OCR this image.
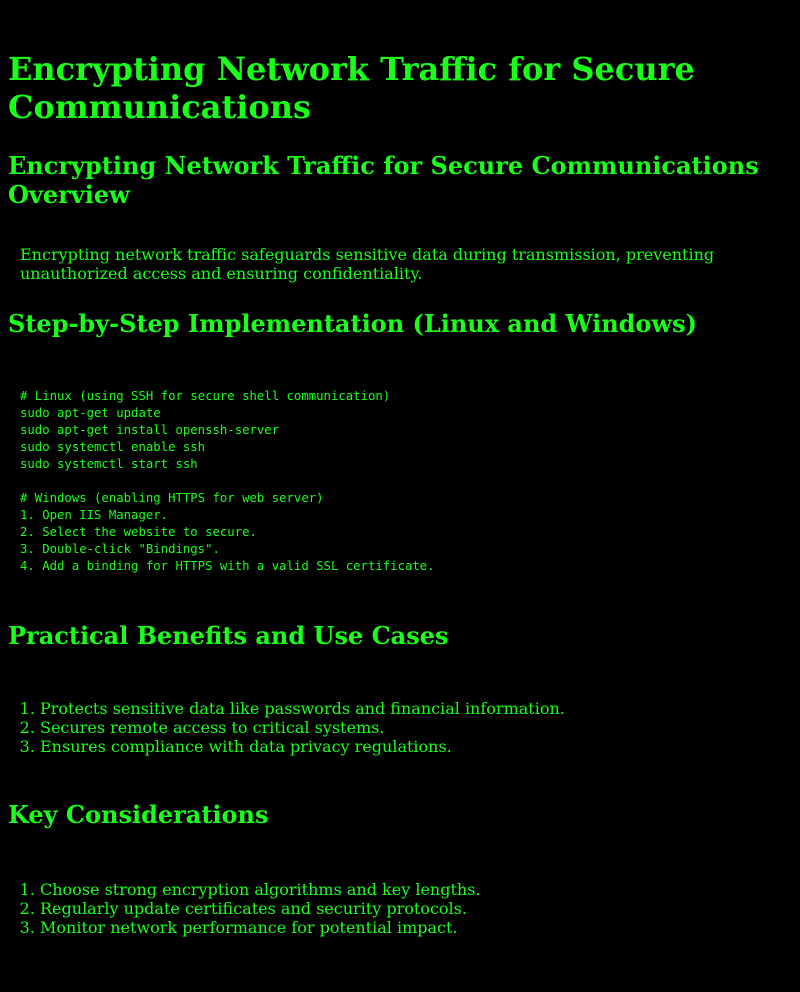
Encrypting Network Traffic for Secure Communications
Encrypting Network Traffic for Secure Communications Overview

Encrypting network traffic safeguards sensitive data during transmission, preventing unauthorized access and ensuring confidentiality.

Step-by-Step Implementation (Linux and Windows)
# Linux (using SSH for secure shell communication)
sudo apt-get update
sudo apt-get install openssh-server
sudo systemctl enable ssh
sudo systemctl start ssh

# Windows (enabling HTTPS for web server)
1. Open IIS Manager.
2. Select the website to secure.
3. Double-click "Bindings".
4. Add a binding for HTTPS with a valid SSL certificate.
Practical Benefits and Use Cases
1. Protects sensitive data like passwords and financial information.
2. Secures remote access to critical systems.
3. Ensures compliance with data privacy regulations.
Key Considerations
1. Choose strong encryption algorithms and key lengths.
2. Regularly update certificates and security protocols.
3. Monitor network performance for potential impact.
